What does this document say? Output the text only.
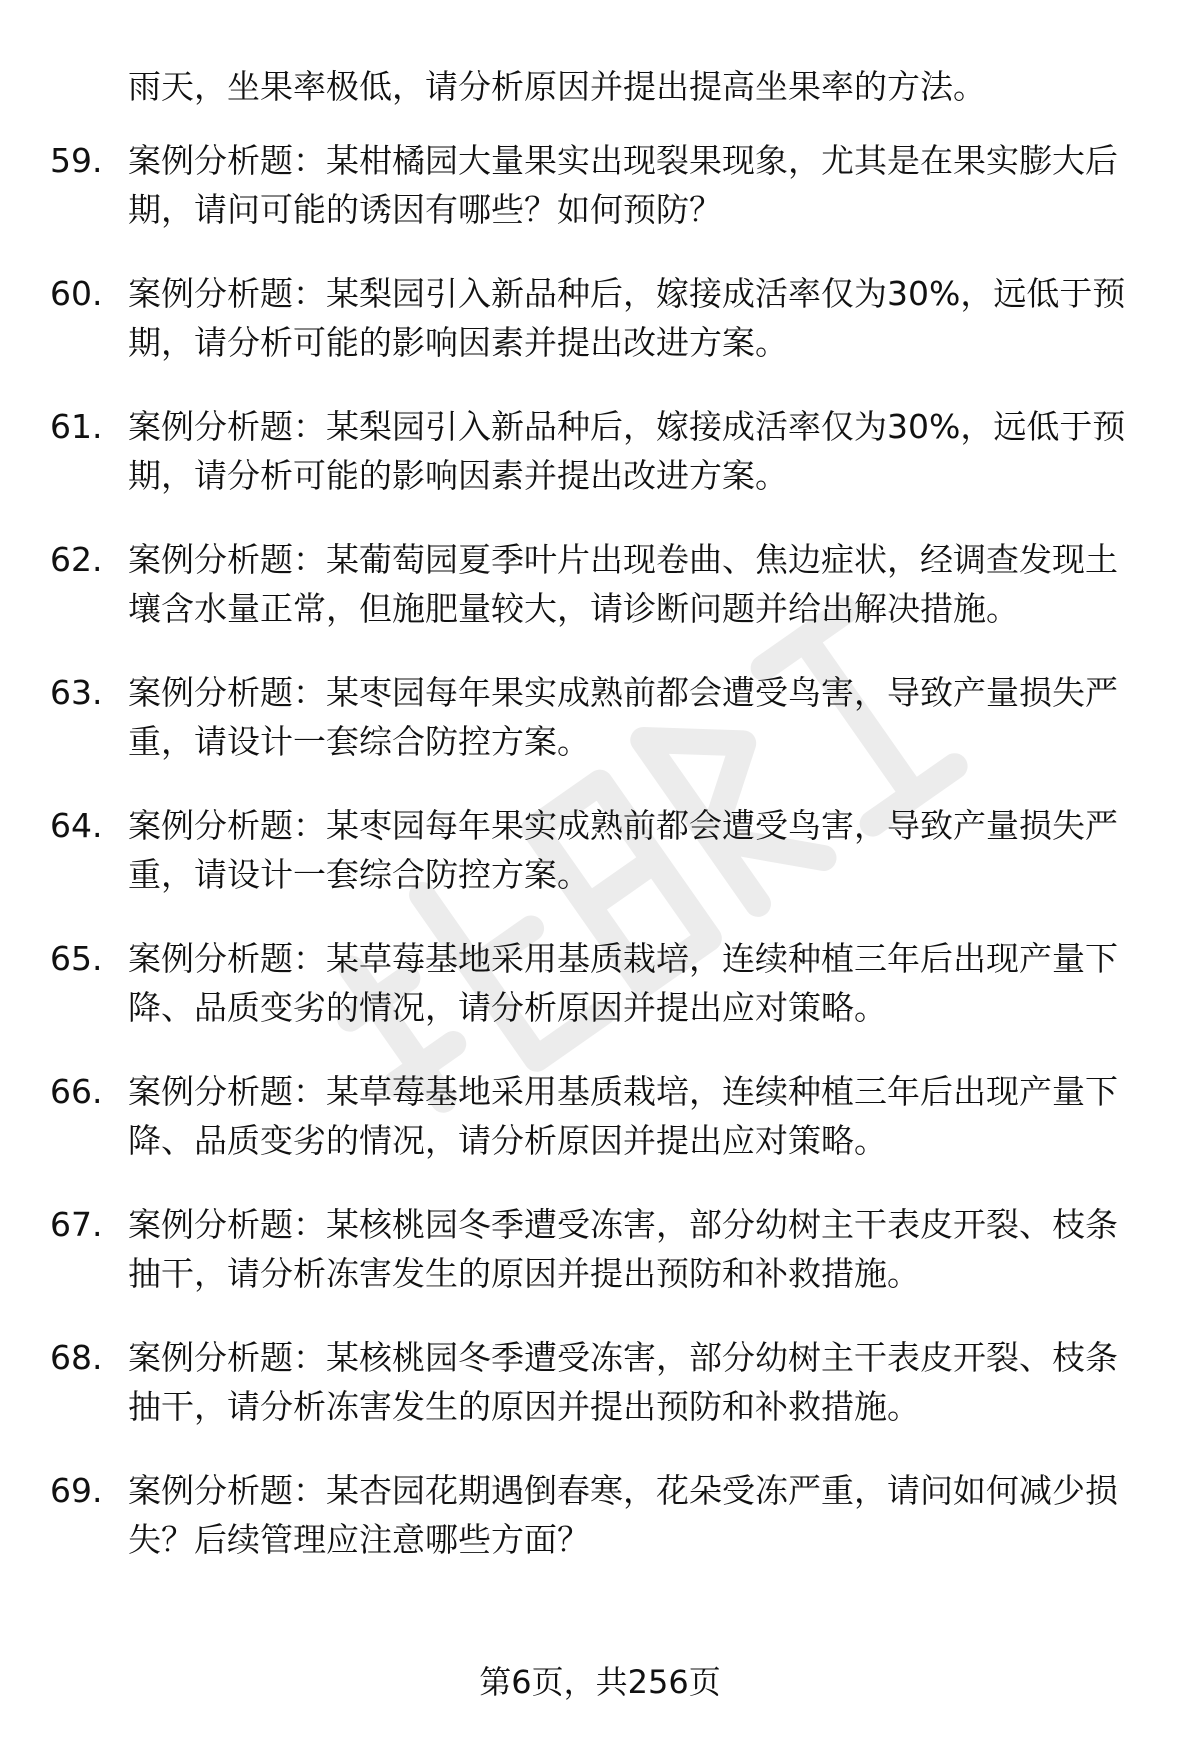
雨天，坐果率极低，请分析原因并提出提高坐果率的方法。
59. 案例分析题：某柑橘园大量果实出现裂果现象，尤其是在果实膨大后期，请问可能的诱因有哪些？如何预防？
60. 案例分析题：某梨园引入新品种后，嫁接成活率仅为30%，远低于预期，请分析可能的影响因素并提出改进方案。
61. 案例分析题：某梨园引入新品种后，嫁接成活率仅为30%，远低于预期，请分析可能的影响因素并提出改进方案。
62. 案例分析题：某葡萄园夏季叶片出现卷曲、焦边症状，经调查发现土壤含水量正常，但施肥量较大，请诊断问题并给出解决措施。
63. 案例分析题：某枣园每年果实成熟前都会遭受鸟害，导致产量损失严重，请设计一套综合防控方案。
64. 案例分析题：某枣园每年果实成熟前都会遭受鸟害，导致产量损失严重，请设计一套综合防控方案。
65. 案例分析题：某草莓基地采用基质栽培，连续种植三年后出现产量下降、品质变劣的情况，请分析原因并提出应对策略。
66. 案例分析题：某草莓基地采用基质栽培，连续种植三年后出现产量下降、品质变劣的情况，请分析原因并提出应对策略。
67. 案例分析题：某核桃园冬季遭受冻害，部分幼树主干表皮开裂、枝条抽干，请分析冻害发生的原因并提出预防和补救措施。
68. 案例分析题：某核桃园冬季遭受冻害，部分幼树主干表皮开裂、枝条抽干，请分析冻害发生的原因并提出预防和补救措施。
69. 案例分析题：某杏园花期遇倒春寒，花朵受冻严重，请问如何减少损失？后续管理应注意哪些方面？
第6页，共256页
